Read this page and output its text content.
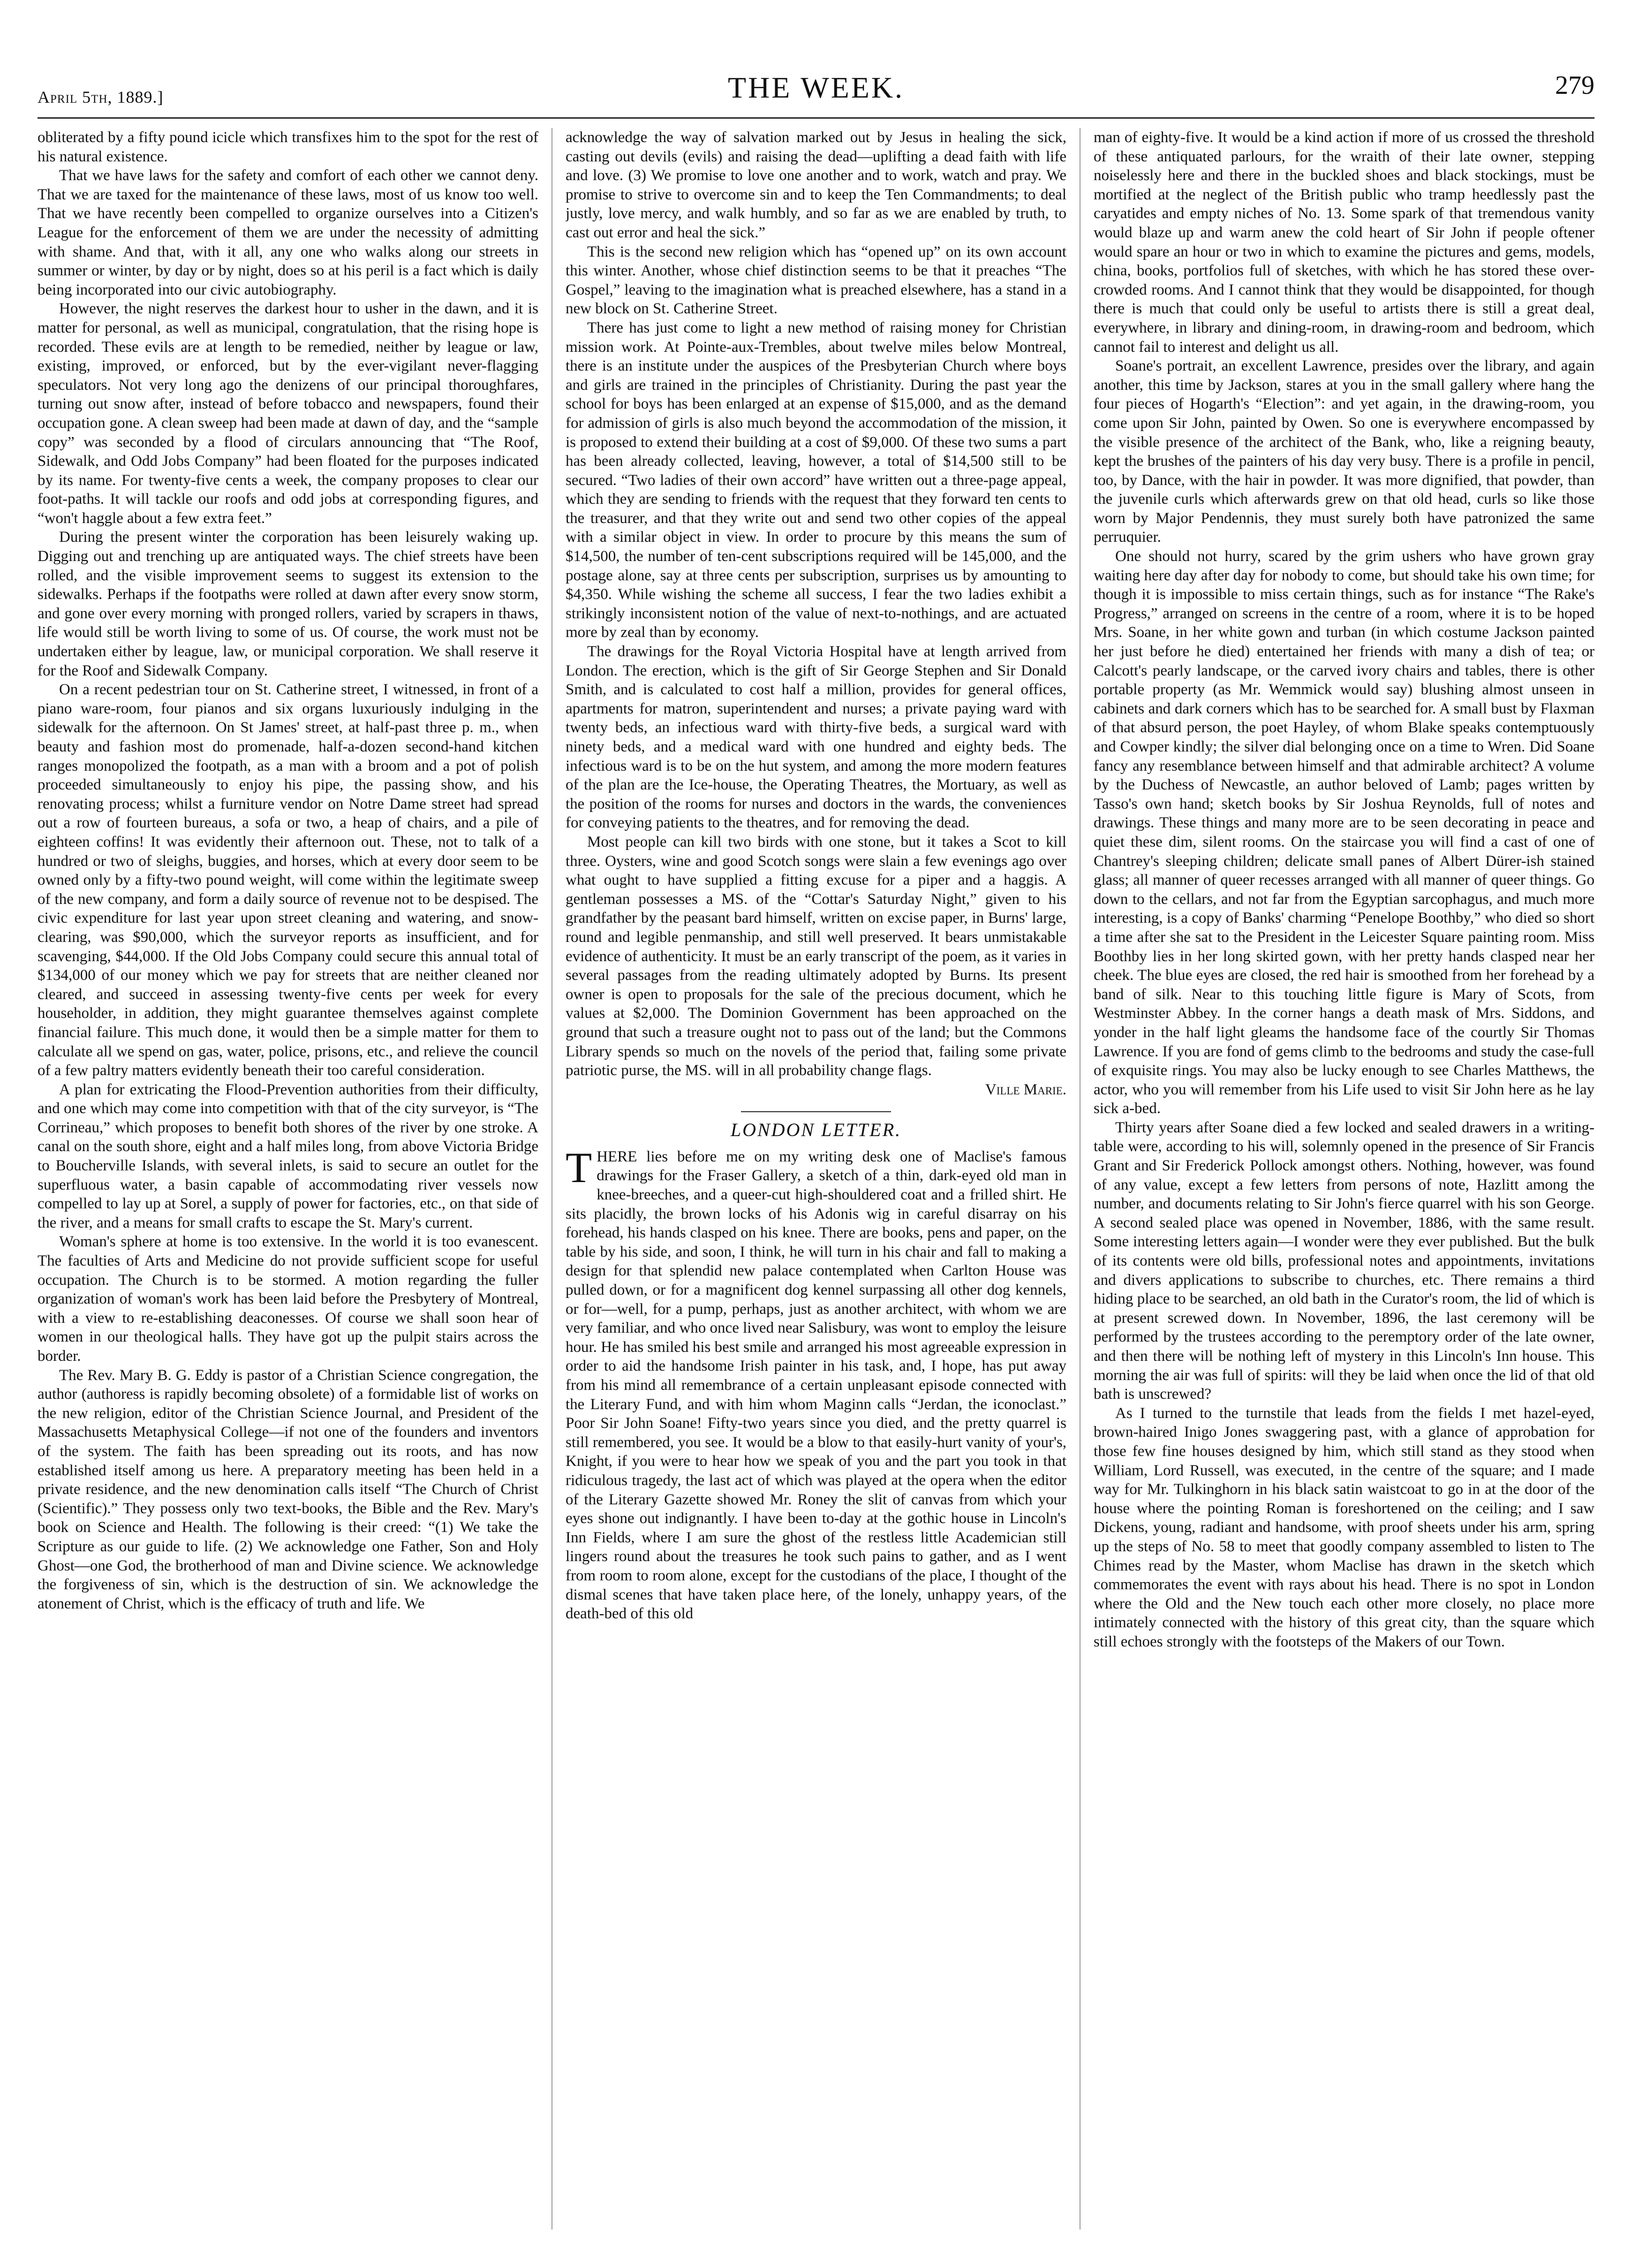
April 5th, 1889.]	THE WEEK.	279

obliterated by a fifty pound icicle which transfixes him to the spot for the rest of his natural existence.

That we have laws for the safety and comfort of each other we cannot deny. That we are taxed for the maintenance of these laws, most of us know too well. That we have recently been compelled to organize ourselves into a Citizen's League for the enforcement of them we are under the necessity of admitting with shame. And that, with it all, any one who walks along our streets in summer or winter, by day or by night, does so at his peril is a fact which is daily being incorporated into our civic autobiography.

However, the night reserves the darkest hour to usher in the dawn, and it is matter for personal, as well as municipal, congratulation, that the rising hope is recorded. These evils are at length to be remedied, neither by league or law, existing, improved, or enforced, but by the ever-vigilant never-flagging speculators. Not very long ago the denizens of our principal thoroughfares, turning out snow after, instead of before tobacco and newspapers, found their occupation gone. A clean sweep had been made at dawn of day, and the “sample copy” was seconded by a flood of circulars announcing that “The Roof, Sidewalk, and Odd Jobs Company” had been floated for the purposes indicated by its name. For twenty-five cents a week, the company proposes to clear our foot-paths. It will tackle our roofs and odd jobs at corresponding figures, and “won't haggle about a few extra feet.”

During the present winter the corporation has been leisurely waking up. Digging out and trenching up are antiquated ways. The chief streets have been rolled, and the visible improvement seems to suggest its extension to the sidewalks. Perhaps if the footpaths were rolled at dawn after every snow storm, and gone over every morning with pronged rollers, varied by scrapers in thaws, life would still be worth living to some of us. Of course, the work must not be undertaken either by league, law, or municipal corporation. We shall reserve it for the Roof and Sidewalk Company.

On a recent pedestrian tour on St. Catherine street, I witnessed, in front of a piano ware-room, four pianos and six organs luxuriously indulging in the sidewalk for the afternoon. On St James' street, at half-past three p. m., when beauty and fashion most do promenade, half-a-dozen second-hand kitchen ranges monopolized the footpath, as a man with a broom and a pot of polish proceeded simultaneously to enjoy his pipe, the passing show, and his renovating process; whilst a furniture vendor on Notre Dame street had spread out a row of fourteen bureaus, a sofa or two, a heap of chairs, and a pile of eighteen coffins! It was evidently their afternoon out. These, not to talk of a hundred or two of sleighs, buggies, and horses, which at every door seem to be owned only by a fifty-two pound weight, will come within the legitimate sweep of the new company, and form a daily source of revenue not to be despised. The civic expenditure for last year upon street cleaning and watering, and snow-clearing, was $90,000, which the surveyor reports as insufficient, and for scavenging, $44,000. If the Old Jobs Company could secure this annual total of $134,000 of our money which we pay for streets that are neither cleaned nor cleared, and succeed in assessing twenty-five cents per week for every householder, in addition, they might guarantee themselves against complete financial failure. This much done, it would then be a simple matter for them to calculate all we spend on gas, water, police, prisons, etc., and relieve the council of a few paltry matters evidently beneath their too careful consideration.

A plan for extricating the Flood-Prevention authorities from their difficulty, and one which may come into competition with that of the city surveyor, is “The Corrineau,” which proposes to benefit both shores of the river by one stroke. A canal on the south shore, eight and a half miles long, from above Victoria Bridge to Boucherville Islands, with several inlets, is said to secure an outlet for the superfluous water, a basin capable of accommodating river vessels now compelled to lay up at Sorel, a supply of power for factories, etc., on that side of the river, and a means for small crafts to escape the St. Mary's current.

Woman's sphere at home is too extensive. In the world it is too evanescent. The faculties of Arts and Medicine do not provide sufficient scope for useful occupation. The Church is to be stormed. A motion regarding the fuller organization of woman's work has been laid before the Presbytery of Montreal, with a view to re-establishing deaconesses. Of course we shall soon hear of women in our theological halls. They have got up the pulpit stairs across the border.

The Rev. Mary B. G. Eddy is pastor of a Christian Science congregation, the author (authoress is rapidly becoming obsolete) of a formidable list of works on the new religion, editor of the Christian Science Journal, and President of the Massachusetts Metaphysical College—if not one of the founders and inventors of the system. The faith has been spreading out its roots, and has now established itself among us here. A preparatory meeting has been held in a private residence, and the new denomination calls itself “The Church of Christ (Scientific).” They possess only two text-books, the Bible and the Rev. Mary's book on Science and Health. The following is their creed: “(1) We take the Scripture as our guide to life. (2) We acknowledge one Father, Son and Holy Ghost—one God, the brotherhood of man and Divine science. We acknowledge the forgiveness of sin, which is the destruction of sin. We acknowledge the atonement of Christ, which is the efficacy of truth and life. We

acknowledge the way of salvation marked out by Jesus in healing the sick, casting out devils (evils) and raising the dead—uplifting a dead faith with life and love. (3) We promise to love one another and to work, watch and pray. We promise to strive to overcome sin and to keep the Ten Commandments; to deal justly, love mercy, and walk humbly, and so far as we are enabled by truth, to cast out error and heal the sick.”

This is the second new religion which has “opened up” on its own account this winter. Another, whose chief distinction seems to be that it preaches “The Gospel,” leaving to the imagination what is preached elsewhere, has a stand in a new block on St. Catherine Street.

There has just come to light a new method of raising money for Christian mission work. At Pointe-aux-Trembles, about twelve miles below Montreal, there is an institute under the auspices of the Presbyterian Church where boys and girls are trained in the principles of Christianity. During the past year the school for boys has been enlarged at an expense of $15,000, and as the demand for admission of girls is also much beyond the accommodation of the mission, it is proposed to extend their building at a cost of $9,000. Of these two sums a part has been already collected, leaving, however, a total of $14,500 still to be secured. “Two ladies of their own accord” have written out a three-page appeal, which they are sending to friends with the request that they forward ten cents to the treasurer, and that they write out and send two other copies of the appeal with a similar object in view. In order to procure by this means the sum of $14,500, the number of ten-cent subscriptions required will be 145,000, and the postage alone, say at three cents per subscription, surprises us by amounting to $4,350. While wishing the scheme all success, I fear the two ladies exhibit a strikingly inconsistent notion of the value of next-to-nothings, and are actuated more by zeal than by economy.

The drawings for the Royal Victoria Hospital have at length arrived from London. The erection, which is the gift of Sir George Stephen and Sir Donald Smith, and is calculated to cost half a million, provides for general offices, apartments for matron, superintendent and nurses; a private paying ward with twenty beds, an infectious ward with thirty-five beds, a surgical ward with ninety beds, and a medical ward with one hundred and eighty beds. The infectious ward is to be on the hut system, and among the more modern features of the plan are the Ice-house, the Operating Theatres, the Mortuary, as well as the position of the rooms for nurses and doctors in the wards, the conveniences for conveying patients to the theatres, and for removing the dead.

Most people can kill two birds with one stone, but it takes a Scot to kill three. Oysters, wine and good Scotch songs were slain a few evenings ago over what ought to have supplied a fitting excuse for a piper and a haggis. A gentleman possesses a MS. of the “Cottar's Saturday Night,” given to his grandfather by the peasant bard himself, written on excise paper, in Burns' large, round and legible penmanship, and still well preserved. It bears unmistakable evidence of authenticity. It must be an early transcript of the poem, as it varies in several passages from the reading ultimately adopted by Burns. Its present owner is open to proposals for the sale of the precious document, which he values at $2,000. The Dominion Government has been approached on the ground that such a treasure ought not to pass out of the land; but the Commons Library spends so much on the novels of the period that, failing some private patriotic purse, the MS. will in all probability change flags.

Ville Marie.

LONDON LETTER.

THERE lies before me on my writing desk one of Maclise's famous drawings for the Fraser Gallery, a sketch of a thin, dark-eyed old man in knee-breeches, and a queer-cut high-shouldered coat and a frilled shirt. He sits placidly, the brown locks of his Adonis wig in careful disarray on his forehead, his hands clasped on his knee. There are books, pens and paper, on the table by his side, and soon, I think, he will turn in his chair and fall to making a design for that splendid new palace contemplated when Carlton House was pulled down, or for a magnificent dog kennel surpassing all other dog kennels, or for—well, for a pump, perhaps, just as another architect, with whom we are very familiar, and who once lived near Salisbury, was wont to employ the leisure hour. He has smiled his best smile and arranged his most agreeable expression in order to aid the handsome Irish painter in his task, and, I hope, has put away from his mind all remembrance of a certain unpleasant episode connected with the Literary Fund, and with him whom Maginn calls “Jerdan, the iconoclast.” Poor Sir John Soane! Fifty-two years since you died, and the pretty quarrel is still remembered, you see. It would be a blow to that easily-hurt vanity of your's, Knight, if you were to hear how we speak of you and the part you took in that ridiculous tragedy, the last act of which was played at the opera when the editor of the Literary Gazette showed Mr. Roney the slit of canvas from which your eyes shone out indignantly. I have been to-day at the gothic house in Lincoln's Inn Fields, where I am sure the ghost of the restless little Academician still lingers round about the treasures he took such pains to gather, and as I went from room to room alone, except for the custodians of the place, I thought of the dismal scenes that have taken place here, of the lonely, unhappy years, of the death-bed of this old

man of eighty-five. It would be a kind action if more of us crossed the threshold of these antiquated parlours, for the wraith of their late owner, stepping noiselessly here and there in the buckled shoes and black stockings, must be mortified at the neglect of the British public who tramp heedlessly past the caryatides and empty niches of No. 13. Some spark of that tremendous vanity would blaze up and warm anew the cold heart of Sir John if people oftener would spare an hour or two in which to examine the pictures and gems, models, china, books, portfolios full of sketches, with which he has stored these over-crowded rooms. And I cannot think that they would be disappointed, for though there is much that could only be useful to artists there is still a great deal, everywhere, in library and dining-room, in drawing-room and bedroom, which cannot fail to interest and delight us all.

Soane's portrait, an excellent Lawrence, presides over the library, and again another, this time by Jackson, stares at you in the small gallery where hang the four pieces of Hogarth's “Election”: and yet again, in the drawing-room, you come upon Sir John, painted by Owen. So one is everywhere encompassed by the visible presence of the architect of the Bank, who, like a reigning beauty, kept the brushes of the painters of his day very busy. There is a profile in pencil, too, by Dance, with the hair in powder. It was more dignified, that powder, than the juvenile curls which afterwards grew on that old head, curls so like those worn by Major Pendennis, they must surely both have patronized the same perruquier.

One should not hurry, scared by the grim ushers who have grown gray waiting here day after day for nobody to come, but should take his own time; for though it is impossible to miss certain things, such as for instance “The Rake's Progress,” arranged on screens in the centre of a room, where it is to be hoped Mrs. Soane, in her white gown and turban (in which costume Jackson painted her just before he died) entertained her friends with many a dish of tea; or Calcott's pearly landscape, or the carved ivory chairs and tables, there is other portable property (as Mr. Wemmick would say) blushing almost unseen in cabinets and dark corners which has to be searched for. A small bust by Flaxman of that absurd person, the poet Hayley, of whom Blake speaks contemptuously and Cowper kindly; the silver dial belonging once on a time to Wren. Did Soane fancy any resemblance between himself and that admirable architect? A volume by the Duchess of Newcastle, an author beloved of Lamb; pages written by Tasso's own hand; sketch books by Sir Joshua Reynolds, full of notes and drawings. These things and many more are to be seen decorating in peace and quiet these dim, silent rooms. On the staircase you will find a cast of one of Chantrey's sleeping children; delicate small panes of Albert Dürer-ish stained glass; all manner of queer recesses arranged with all manner of queer things. Go down to the cellars, and not far from the Egyptian sarcophagus, and much more interesting, is a copy of Banks' charming “Penelope Boothby,” who died so short a time after she sat to the President in the Leicester Square painting room. Miss Boothby lies in her long skirted gown, with her pretty hands clasped near her cheek. The blue eyes are closed, the red hair is smoothed from her forehead by a band of silk. Near to this touching little figure is Mary of Scots, from Westminster Abbey. In the corner hangs a death mask of Mrs. Siddons, and yonder in the half light gleams the handsome face of the courtly Sir Thomas Lawrence. If you are fond of gems climb to the bedrooms and study the case-full of exquisite rings. You may also be lucky enough to see Charles Matthews, the actor, who you will remember from his Life used to visit Sir John here as he lay sick a-bed.

Thirty years after Soane died a few locked and sealed drawers in a writing-table were, according to his will, solemnly opened in the presence of Sir Francis Grant and Sir Frederick Pollock amongst others. Nothing, however, was found of any value, except a few letters from persons of note, Hazlitt among the number, and documents relating to Sir John's fierce quarrel with his son George. A second sealed place was opened in November, 1886, with the same result. Some interesting letters again—I wonder were they ever published. But the bulk of its contents were old bills, professional notes and appointments, invitations and divers applications to subscribe to churches, etc. There remains a third hiding place to be searched, an old bath in the Curator's room, the lid of which is at present screwed down. In November, 1896, the last ceremony will be performed by the trustees according to the peremptory order of the late owner, and then there will be nothing left of mystery in this Lincoln's Inn house. This morning the air was full of spirits: will they be laid when once the lid of that old bath is unscrewed?

As I turned to the turnstile that leads from the fields I met hazel-eyed, brown-haired Inigo Jones swaggering past, with a glance of approbation for those few fine houses designed by him, which still stand as they stood when William, Lord Russell, was executed, in the centre of the square; and I made way for Mr. Tulkinghorn in his black satin waistcoat to go in at the door of the house where the pointing Roman is foreshortened on the ceiling; and I saw Dickens, young, radiant and handsome, with proof sheets under his arm, spring up the steps of No. 58 to meet that goodly company assembled to listen to The Chimes read by the Master, whom Maclise has drawn in the sketch which commemorates the event with rays about his head. There is no spot in London where the Old and the New touch each other more closely, no place more intimately connected with the history of this great city, than the square which still echoes strongly with the footsteps of the Makers of our Town.
